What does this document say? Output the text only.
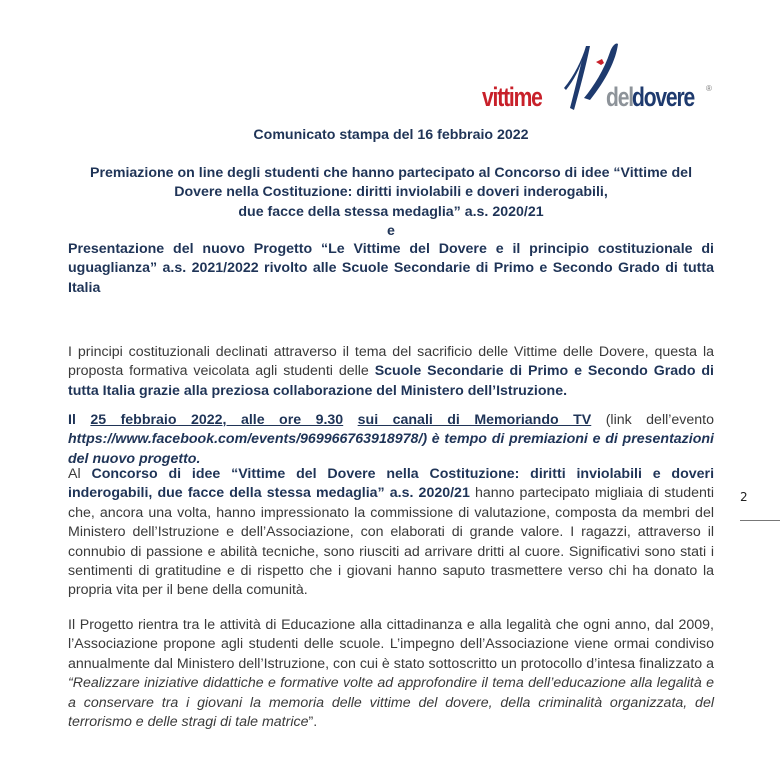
vittime del dovere ®
Comunicato stampa del 16 febbraio 2022
Premiazione on line degli studenti che hanno partecipato al Concorso di idee “Vittime del
Dovere nella Costituzione: diritti inviolabili e doveri inderogabili,
due facce della stessa medaglia” a.s. 2020/21
e
Presentazione del nuovo Progetto “Le Vittime del Dovere e il principio costituzionale di uguaglianza” a.s. 2021/2022 rivolto alle Scuole Secondarie di Primo e Secondo Grado di tutta Italia

I principi costituzionali declinati attraverso il tema del sacrificio delle Vittime delle Dovere, questa la proposta formativa veicolata agli studenti delle Scuole Secondarie di Primo e Secondo Grado di tutta Italia grazie alla preziosa collaborazione del Ministero dell’Istruzione.

Il 25 febbraio 2022, alle ore 9.30 sui canali di Memoriando TV (link dell’evento https://www.facebook.com/events/969966763918978/) è tempo di premiazioni e di presentazioni del nuovo progetto.

Al Concorso di idee “Vittime del Dovere nella Costituzione: diritti inviolabili e doveri inderogabili, due facce della stessa medaglia” a.s. 2020/21 hanno partecipato migliaia di studenti che, ancora una volta, hanno impressionato la commissione di valutazione, composta da membri del Ministero dell’Istruzione e dell’Associazione, con elaborati di grande valore. I ragazzi, attraverso il connubio di passione e abilità tecniche, sono riusciti ad arrivare dritti al cuore. Significativi sono stati i sentimenti di gratitudine e di rispetto che i giovani hanno saputo trasmettere verso chi ha donato la propria vita per il bene della comunità.

Il Progetto rientra tra le attività di Educazione alla cittadinanza e alla legalità che ogni anno, dal 2009, l’Associazione propone agli studenti delle scuole. L’impegno dell’Associazione viene ormai condiviso annualmente dal Ministero dell’Istruzione, con cui è stato sottoscritto un protocollo d’intesa finalizzato a “Realizzare iniziative didattiche e formative volte ad approfondire il tema dell’educazione alla legalità e a conservare tra i giovani la memoria delle vittime del dovere, della criminalità organizzata, del terrorismo e delle stragi di tale matrice”.

2
